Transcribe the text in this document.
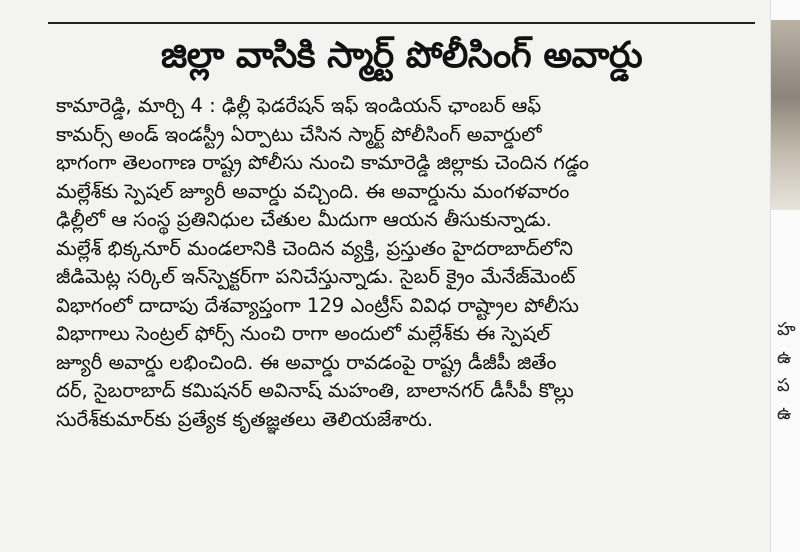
జిల్లా వాసికి స్మార్ట్ పోలీసింగ్ అవార్డు

కామారెడ్డి, మార్చి 4 : ఢిల్లీ ఫెడరేషన్ ఇఫ్ ఇండియన్ ఛాంబర్ ఆఫ్

కామర్స్ అండ్ ఇండస్ట్రీ ఏర్పాటు చేసిన స్మార్ట్ పోలీసింగ్ అవార్డులో

భాగంగా తెలంగాణ రాష్ట్ర పోలీసు నుంచి కామారెడ్డి జిల్లాకు చెందిన గడ్డం

మల్లేశ్‌కు స్పెషల్ జ్యూరీ అవార్డు వచ్చింది. ఈ అవార్డును మంగళవారం

ఢిల్లీలో ఆ సంస్థ ప్రతినిధుల చేతుల మీదుగా ఆయన తీసుకున్నాడు.

మల్లేశ్ భిక్కనూర్ మండలానికి చెందిన వ్యక్తి, ప్రస్తుతం హైదరాబాద్‌లోని

జీడిమెట్ల సర్కిల్ ఇన్‌స్పెక్టర్‌గా పనిచేస్తున్నాడు. సైబర్ క్రైం మేనేజ్‌మెంట్

విభాగంలో దాదాపు దేశవ్యాప్తంగా 129 ఎంట్రీస్ వివిధ రాష్ట్రాల పోలీసు

విభాగాలు సెంట్రల్ ఫోర్స్ నుంచి రాగా అందులో మల్లేశ్‌కు ఈ స్పెషల్

జ్యూరీ అవార్డు లభించింది. ఈ అవార్డు రావడంపై రాష్ట్ర డీజీపీ జితేం

దర్, సైబరాబాద్ కమిషనర్ అవినాష్ మహంతి, బాలానగర్ డీసీపీ కొల్లు

సురేశ్‌కుమార్‌కు ప్రత్యేక కృతజ్ఞతలు తెలియజేశారు.

హ
ఉ
ప
ఉ
